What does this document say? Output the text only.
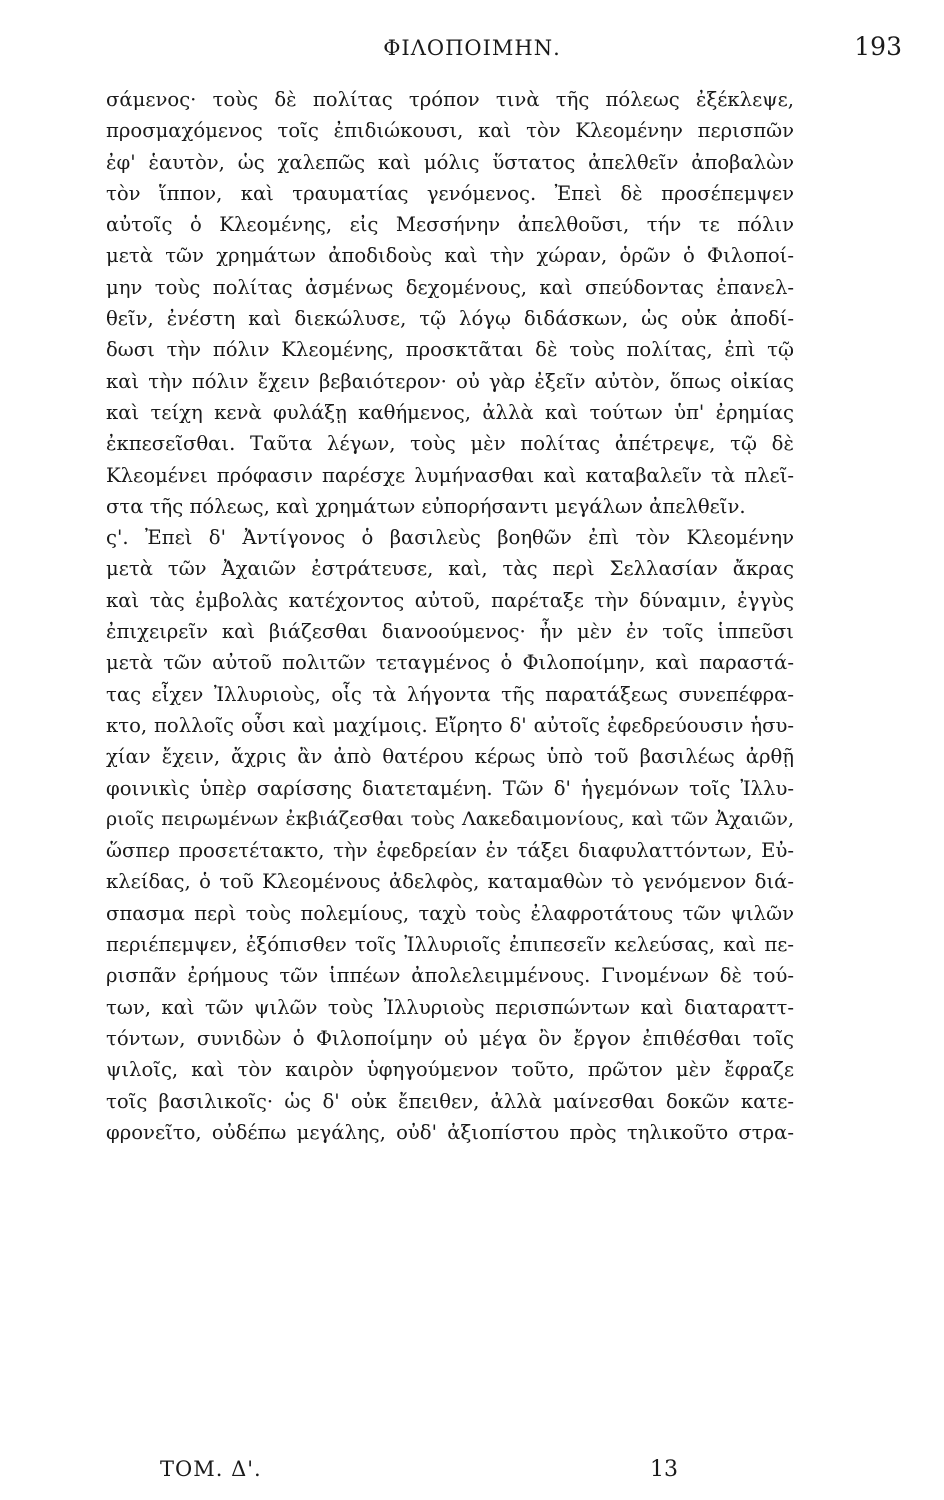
ΦΙΛΟΠΟΙΜΗΝ.	193
σάμενος· τοὺς δὲ πολίτας τρόπον τινὰ τῆς πόλεως ἐξέκλεψε,
προσμαχόμενος τοῖς ἐπιδιώκουσι, καὶ τὸν Κλεομένην περισπῶν
ἐφ' ἑαυτὸν, ὡς χαλεπῶς καὶ μόλις ὕστατος ἀπελθεῖν ἀποβαλὼν
τὸν ἵππον, καὶ τραυματίας γενόμενος. Ἐπεὶ δὲ προσέπεμψεν
αὐτοῖς ὁ Κλεομένης, εἰς Μεσσήνην ἀπελθοῦσι, τήν τε πόλιν
μετὰ τῶν χρημάτων ἀποδιδοὺς καὶ τὴν χώραν, ὁρῶν ὁ Φιλοποί-
μην τοὺς πολίτας ἀσμένως δεχομένους, καὶ σπεύδοντας ἐπανελ-
θεῖν, ἐνέστη καὶ διεκώλυσε, τῷ λόγῳ διδάσκων, ὡς οὐκ ἀποδί-
δωσι τὴν πόλιν Κλεομένης, προσκτᾶται δὲ τοὺς πολίτας, ἐπὶ τῷ
καὶ τὴν πόλιν ἔχειν βεβαιότερον· οὐ γὰρ ἐξεῖν αὐτὸν, ὅπως οἰκίας
καὶ τείχη κενὰ φυλάξῃ καθήμενος, ἀλλὰ καὶ τούτων ὑπ' ἐρημίας
ἐκπεσεῖσθαι. Ταῦτα λέγων, τοὺς μὲν πολίτας ἀπέτρεψε, τῷ δὲ
Κλεομένει πρόφασιν παρέσχε λυμήνασθαι καὶ καταβαλεῖν τὰ πλεῖ-
στα τῆς πόλεως, καὶ χρημάτων εὐπορήσαντι μεγάλων ἀπελθεῖν.
ς'. Ἐπεὶ δ' Ἀντίγονος ὁ βασιλεὺς βοηθῶν ἐπὶ τὸν Κλεομένην
μετὰ τῶν Ἀχαιῶν ἐστράτευσε, καὶ, τὰς περὶ Σελλασίαν ἄκρας
καὶ τὰς ἐμβολὰς κατέχοντος αὐτοῦ, παρέταξε τὴν δύναμιν, ἐγγὺς
ἐπιχειρεῖν καὶ βιάζεσθαι διανοούμενος· ἦν μὲν ἐν τοῖς ἱππεῦσι
μετὰ τῶν αὐτοῦ πολιτῶν τεταγμένος ὁ Φιλοποίμην, καὶ παραστά-
τας εἶχεν Ἰλλυριοὺς, οἷς τὰ λήγοντα τῆς παρατάξεως συνεπέφρα-
κτο, πολλοῖς οὖσι καὶ μαχίμοις. Εἴρητο δ' αὐτοῖς ἐφεδρεύουσιν ἡσυ-
χίαν ἔχειν, ἄχρις ἂν ἀπὸ θατέρου κέρως ὑπὸ τοῦ βασιλέως ἀρθῇ
φοινικὶς ὑπὲρ σαρίσσης διατεταμένη. Τῶν δ' ἡγεμόνων τοῖς Ἰλλυ-
ριοῖς πειρωμένων ἐκβιάζεσθαι τοὺς Λακεδαιμονίους, καὶ τῶν Ἀχαιῶν,
ὥσπερ προσετέτακτο, τὴν ἐφεδρείαν ἐν τάξει διαφυλαττόντων, Εὐ-
κλείδας, ὁ τοῦ Κλεομένους ἀδελφὸς, καταμαθὼν τὸ γενόμενον διά-
σπασμα περὶ τοὺς πολεμίους, ταχὺ τοὺς ἐλαφροτάτους τῶν ψιλῶν
περιέπεμψεν, ἐξόπισθεν τοῖς Ἰλλυριοῖς ἐπιπεσεῖν κελεύσας, καὶ πε-
ρισπᾶν ἐρήμους τῶν ἱππέων ἀπολελειμμένους. Γινομένων δὲ τού-
των, καὶ τῶν ψιλῶν τοὺς Ἰλλυριοὺς περισπώντων καὶ διαταραττ-
τόντων, συνιδὼν ὁ Φιλοποίμην οὐ μέγα ὂν ἔργον ἐπιθέσθαι τοῖς
ψιλοῖς, καὶ τὸν καιρὸν ὑφηγούμενον τοῦτο, πρῶτον μὲν ἔφραζε
τοῖς βασιλικοῖς· ὡς δ' οὐκ ἔπειθεν, ἀλλὰ μαίνεσθαι δοκῶν κατε-
φρονεῖτο, οὐδέπω μεγάλης, οὐδ' ἀξιοπίστου πρὸς τηλικοῦτο στρα-
ΤΟΜ. Δ'.	13
